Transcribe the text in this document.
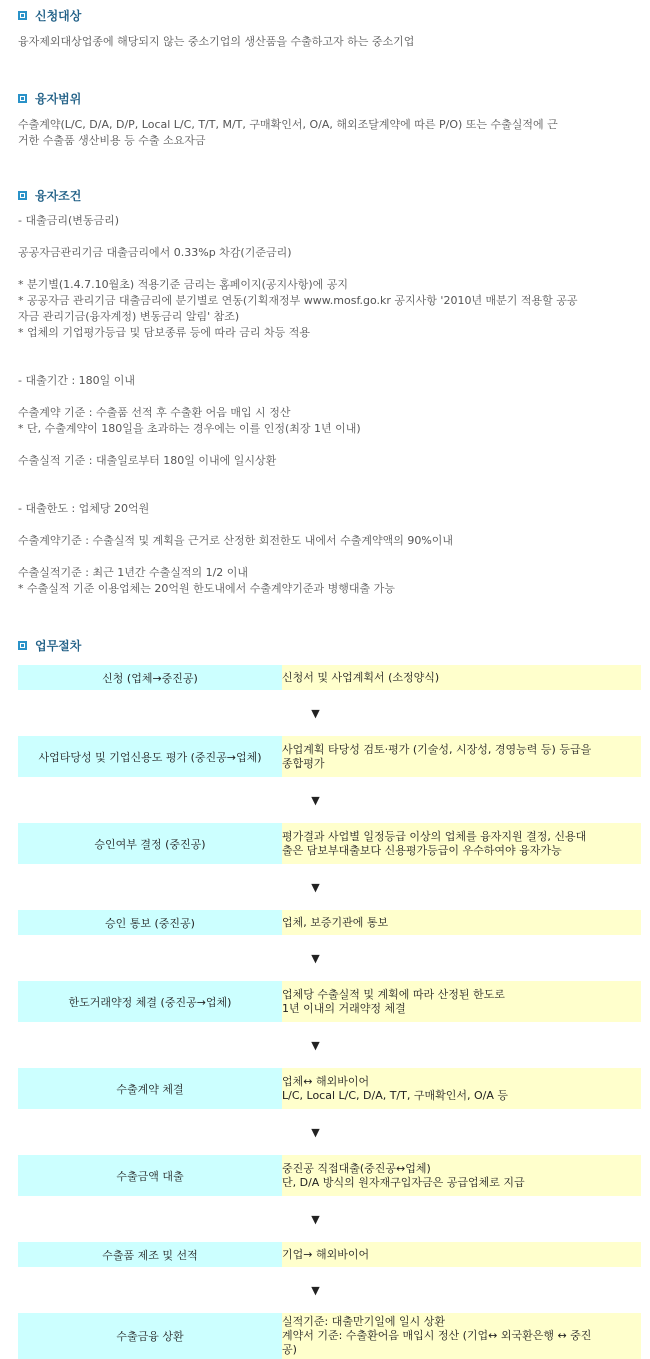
신청대상
융자제외대상업종에 해당되지 않는 중소기업의 생산품을 수출하고자 하는 중소기업
융자범위
수출계약(L/C, D/A, D/P, Local L/C, T/T, M/T, 구매확인서, O/A, 해외조달계약에 따른 P/O) 또는 수출실적에 근
거한 수출품 생산비용 등 수출 소요자금
융자조건
- 대출금리(변동금리)
공공자금관리기금 대출금리에서 0.33%p 차감(기준금리)
* 분기별(1.4.7.10월초) 적용기준 금리는 홈페이지(공지사항)에 공지
* 공공자금 관리기금 대출금리에 분기별로 연동(기획재정부 www.mosf.go.kr 공지사항 '2010년 매분기 적용할 공공
자금 관리기금(융자계정) 변동금리 알림' 참조)
* 업체의 기업평가등급 및 담보종류 등에 따라 금리 차등 적용
- 대출기간 : 180일 이내
수출계약 기준 : 수출품 선적 후 수출환 어음 매입 시 정산
* 단, 수출계약이 180일을 초과하는 경우에는 이를 인정(최장 1년 이내)
수출실적 기준 : 대출일로부터 180일 이내에 일시상환
- 대출한도 : 업체당 20억원
수출계약기준 : 수출실적 및 계획을 근거로 산정한 회전한도 내에서 수출계약액의 90%이내
수출실적기준 : 최근 1년간 수출실적의 1/2 이내
* 수출실적 기준 이용업체는 20억원 한도내에서 수출계약기준과 병행대출 가능
업무절차
신청 (업체→중진공)	신청서 및 사업계획서 (소정양식)

▼	
사업타당성 및 기업신용도 평가 (중진공→업체)	사업계획 타당성 검토·평가 (기술성, 시장성, 경영능력 등) 등급을
종합평가

▼	
승인여부 결정 (중진공)	평가결과 사업별 일정등급 이상의 업체를 융자지원 결정, 신용대
출은 담보부대출보다 신용평가등급이 우수하여야 융자가능

▼	
승인 통보 (중진공)	업체, 보증기관에 통보

▼	
한도거래약정 체결 (중진공→업체)	업체당 수출실적 및 계획에 따라 산정된 한도로
1년 이내의 거래약정 체결

▼	
수출계약 체결	업체↔ 해외바이어
L/C, Local L/C, D/A, T/T, 구매확인서, O/A 등

▼	
수출금액 대출	중진공 직접대출(중진공↔업체)
단, D/A 방식의 원자재구입자금은 공급업체로 지급

▼	
수출품 제조 및 선적	기업→ 해외바이어

▼	
수출금융 상환	실적기준: 대출만기일에 일시 상환
계약서 기준: 수출환어음 매입시 정산 (기업↔ 외국환은행 ↔ 중진
공)
